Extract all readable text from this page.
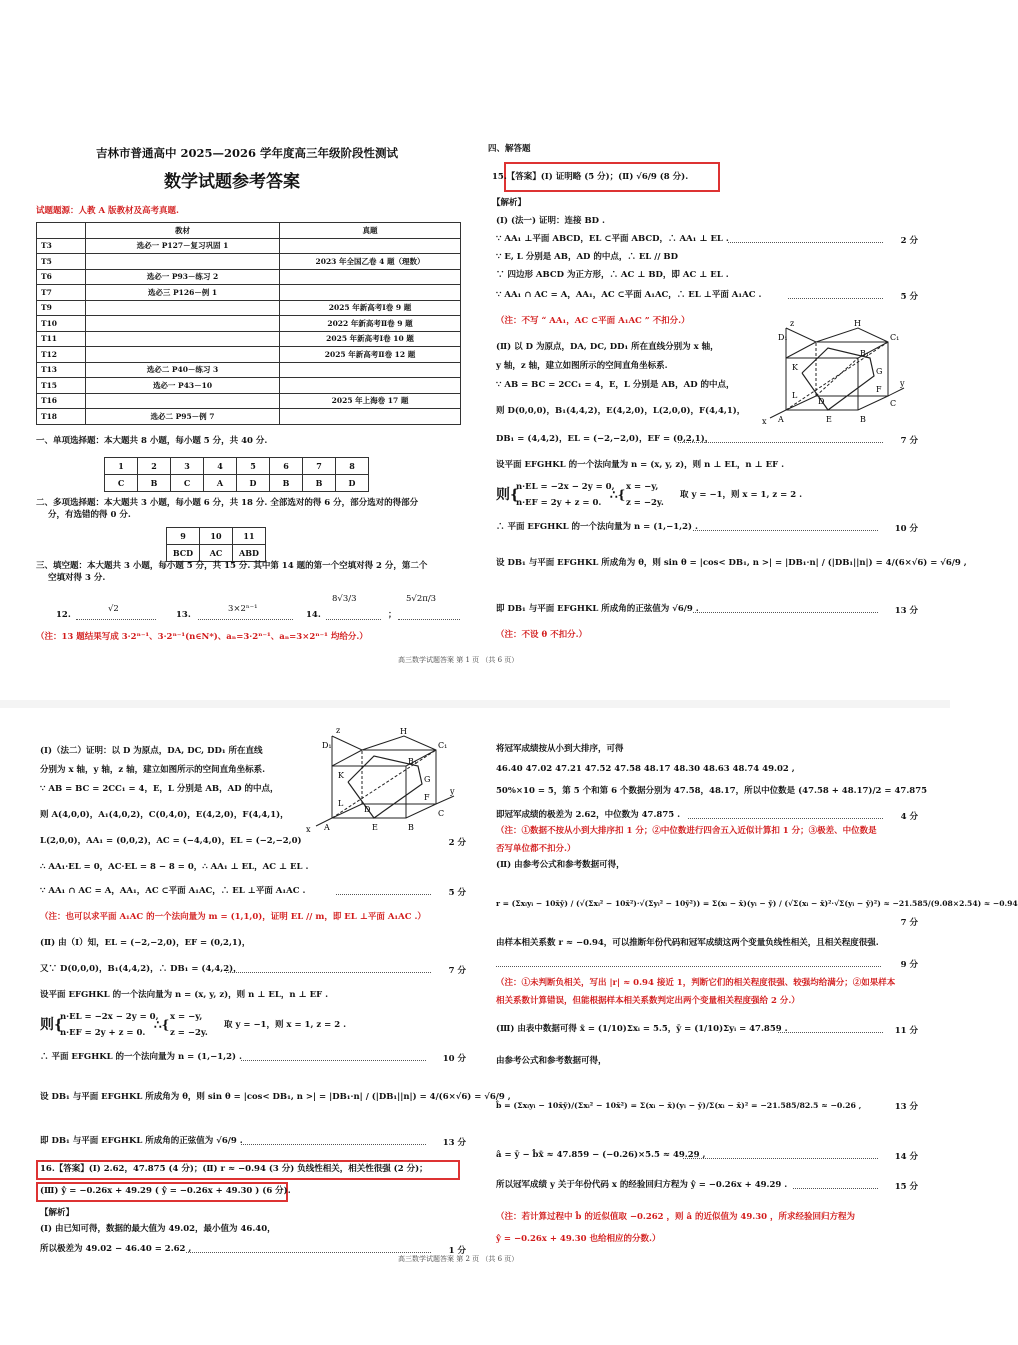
吉林市普通高中 2025—2026 学年度高三年级阶段性测试
数学试题参考答案
试题题源：人教 A 版教材及高考真题.
	教材	真题
T3	选必一 P127－复习巩固 1	
T5		2023 年全国乙卷 4 题（理数）
T6	选必一 P93－练习 2	
T7	选必三 P126－例 1	
T9		2025 年新高考Ⅰ卷 9 题
T10		2022 年新高考Ⅱ卷 9 题
T11		2025 年新高考Ⅰ卷 10 题
T12		2025 年新高考Ⅱ卷 12 题
T13	选必二 P40－练习 3	
T15	选必一 P43－10	
T16		2025 年上海卷 17 题
T18	选必二 P95－例 7	
一、单项选择题：本大题共 8 小题，每小题 5 分，共 40 分.
1	2	3	4	5	6	7	8
C	B	C	A	D	B	B	D
二、多项选择题：本大题共 3 小题，每小题 6 分，共 18 分. 全部选对的得 6 分，部分选对的得部分
分，有选错的得 0 分.
9	10	11
BCD	AC	ABD
三、填空题：本大题共 3 小题，每小题 5 分，共 15 分. 其中第 14 题的第一个空填对得 2 分，第二个
空填对得 3 分.
12.
√2
13.
3×2ⁿ⁻¹
14.
8√3/3
；
5√2π/3
（注：13 题结果写成 3·2ⁿ⁻¹、3·2ⁿ⁻¹(n∈N*)、aₙ=3·2ⁿ⁻¹、aₙ=3×2ⁿ⁻¹ 均给分.）
高三数学试题答案 第 1 页 （共 6 页）
四、解答题
15.【答案】(Ⅰ) 证明略 (5 分)；(Ⅱ) √6/9 (8 分).
【解析】
(Ⅰ) (法一) 证明：连接 BD .
∵ AA₁ ⊥平面 ABCD，EL ⊂平面 ABCD，∴ AA₁ ⊥ EL .	2 分
∵ E, L 分别是 AB，AD 的中点，∴ EL // BD
∵ 四边形 ABCD 为正方形，∴ AC ⊥ BD，即 AC ⊥ EL .
∵ AA₁ ∩ AC = A，AA₁，AC ⊂平面 A₁AC，∴ EL ⊥平面 A₁AC .	5 分
（注：不写 “ AA₁，AC ⊂平面 A₁AC ” 不扣分.）
(Ⅱ) 以 D 为原点，DA, DC, DD₁ 所在直线分别为 x 轴，
y 轴，z 轴，建立如图所示的空间直角坐标系.
∵ AB = BC = 2CC₁ = 4，E，L 分别是 AB，AD 的中点，
则 D(0,0,0)，B₁(4,4,2)，E(4,2,0)，L(2,0,0)，F(4,4,1)，
z
D₁
H
C₁
K
B₁
G
D	C
y
L
F
x A	E	B
DB₁ = (4,4,2)，EL = (−2,−2,0)，EF = (0,2,1)，	7 分
设平面 EFGHKL 的一个法向量为 n = (x, y, z)，则 n ⊥ EL，n ⊥ EF .
则{
n·EL = −2x − 2y = 0,
n·EF = 2y + z = 0.
∴{
x = −y,
z = −2y.
取 y = −1，则 x = 1, z = 2 .
∴ 平面 EFGHKL 的一个法向量为 n = (1,−1,2) .	10 分
设 DB₁ 与平面 EFGHKL 所成角为 θ，则 sin θ = |cos< DB₁, n >| = |DB₁·n| / (|DB₁||n|) = 4/(6×√6) = √6/9 ,
即 DB₁ 与平面 EFGHKL 所成角的正弦值为 √6/9 .	13 分
（注：不设 θ 不扣分.）
(Ⅰ)（法二）证明：以 D 为原点，DA, DC, DD₁ 所在直线
分别为 x 轴，y 轴，z 轴，建立如图所示的空间直角坐标系.
∵ AB = BC = 2CC₁ = 4，E，L 分别是 AB，AD 的中点，
则 A(4,0,0)，A₁(4,0,2)，C(0,4,0)，E(4,2,0)，F(4,4,1)，
z
D₁
H
C₁
K
B₁
G
D	C
y
L
F
x A	E	B
L(2,0,0)，AA₁ = (0,0,2)，AC = (−4,4,0)，EL = (−2,−2,0)	2 分
∴ AA₁·EL = 0，AC·EL = 8 − 8 = 0，∴ AA₁ ⊥ EL，AC ⊥ EL .
∵ AA₁ ∩ AC = A，AA₁，AC ⊂平面 A₁AC，∴ EL ⊥平面 A₁AC .	5 分
（注：也可以求平面 A₁AC 的一个法向量为 m = (1,1,0)，证明 EL // m，即 EL ⊥平面 A₁AC .）
(Ⅱ) 由（Ⅰ）知，EL = (−2,−2,0)，EF = (0,2,1)，
又∵ D(0,0,0)，B₁(4,4,2)，∴ DB₁ = (4,4,2)，	7 分
设平面 EFGHKL 的一个法向量为 n = (x, y, z)，则 n ⊥ EL，n ⊥ EF .
则{
n·EL = −2x − 2y = 0,
n·EF = 2y + z = 0.
∴{
x = −y,
z = −2y.
取 y = −1，则 x = 1, z = 2 .
∴ 平面 EFGHKL 的一个法向量为 n = (1,−1,2) .	10 分
设 DB₁ 与平面 EFGHKL 所成角为 θ，则 sin θ = |cos< DB₁, n >| = |DB₁·n| / (|DB₁||n|) = 4/(6×√6) = √6/9 ,
即 DB₁ 与平面 EFGHKL 所成角的正弦值为 √6/9 .	13 分
16.【答案】(Ⅰ) 2.62，47.875 (4 分)；(Ⅱ) r ≈ −0.94 (3 分) 负线性相关，相关性很强 (2 分)；
(Ⅲ) ŷ = −0.26x + 49.29 ( ŷ = −0.26x + 49.30 ) (6 分).
【解析】
(Ⅰ) 由已知可得，数据的最大值为 49.02，最小值为 46.40，
所以极差为 49.02 − 46.40 = 2.62 ,	1 分
高三数学试题答案 第 2 页 （共 6 页）
将冠军成绩按从小到大排序，可得
46.40 47.02 47.21 47.52 47.58 48.17 48.30 48.63 48.74 49.02 ,
50%×10 = 5，第 5 个和第 6 个数据分别为 47.58，48.17，所以中位数是 (47.58 + 48.17)/2 = 47.875
即冠军成绩的极差为 2.62，中位数为 47.875 .	4 分
（注：①数据不按从小到大排序扣 1 分；②中位数进行四舍五入近似计算扣 1 分；③极差、中位数是
否写单位都不扣分.）
(Ⅱ) 由参考公式和参考数据可得，
r = (Σxᵢyᵢ − 10x̄ȳ) / (√(Σxᵢ² − 10x̄²)·√(Σyᵢ² − 10ȳ²)) = Σ(xᵢ − x̄)(yᵢ − ȳ) / (√Σ(xᵢ − x̄)²·√Σ(yᵢ − ȳ)²) ≈ −21.585/(9.08×2.54) ≈ −0.94
7 分
由样本相关系数 r ≈ −0.94，可以推断年份代码和冠军成绩这两个变量负线性相关，且相关程度很强.
9 分
（注：①未判断负相关，写出 |r| ≈ 0.94 接近 1，判断它们的相关程度很强、较强均给满分；②如果样本
相关系数计算错误，但能根据样本相关系数判定出两个变量相关程度强给 2 分.）
(Ⅲ) 由表中数据可得 x̄ = (1/10)Σxᵢ = 5.5，ȳ = (1/10)Σyᵢ = 47.859 .	11 分
由参考公式和参考数据可得，
b̂ = (Σxᵢyᵢ − 10x̄ȳ)/(Σxᵢ² − 10x̄²) = Σ(xᵢ − x̄)(yᵢ − ȳ)/Σ(xᵢ − x̄)² = −21.585/82.5 ≈ −0.26 ,	13 分
â = ȳ − b̂x̄ ≈ 47.859 − (−0.26)×5.5 ≈ 49.29 ,	14 分
所以冠军成绩 y 关于年份代码 x 的经验回归方程为 ŷ = −0.26x + 49.29 .	15 分
（注：若计算过程中 b̂ 的近似值取 −0.262 ，则 â 的近似值为 49.30 ，所求经验回归方程为
ŷ = −0.26x + 49.30 也给相应的分数.）
